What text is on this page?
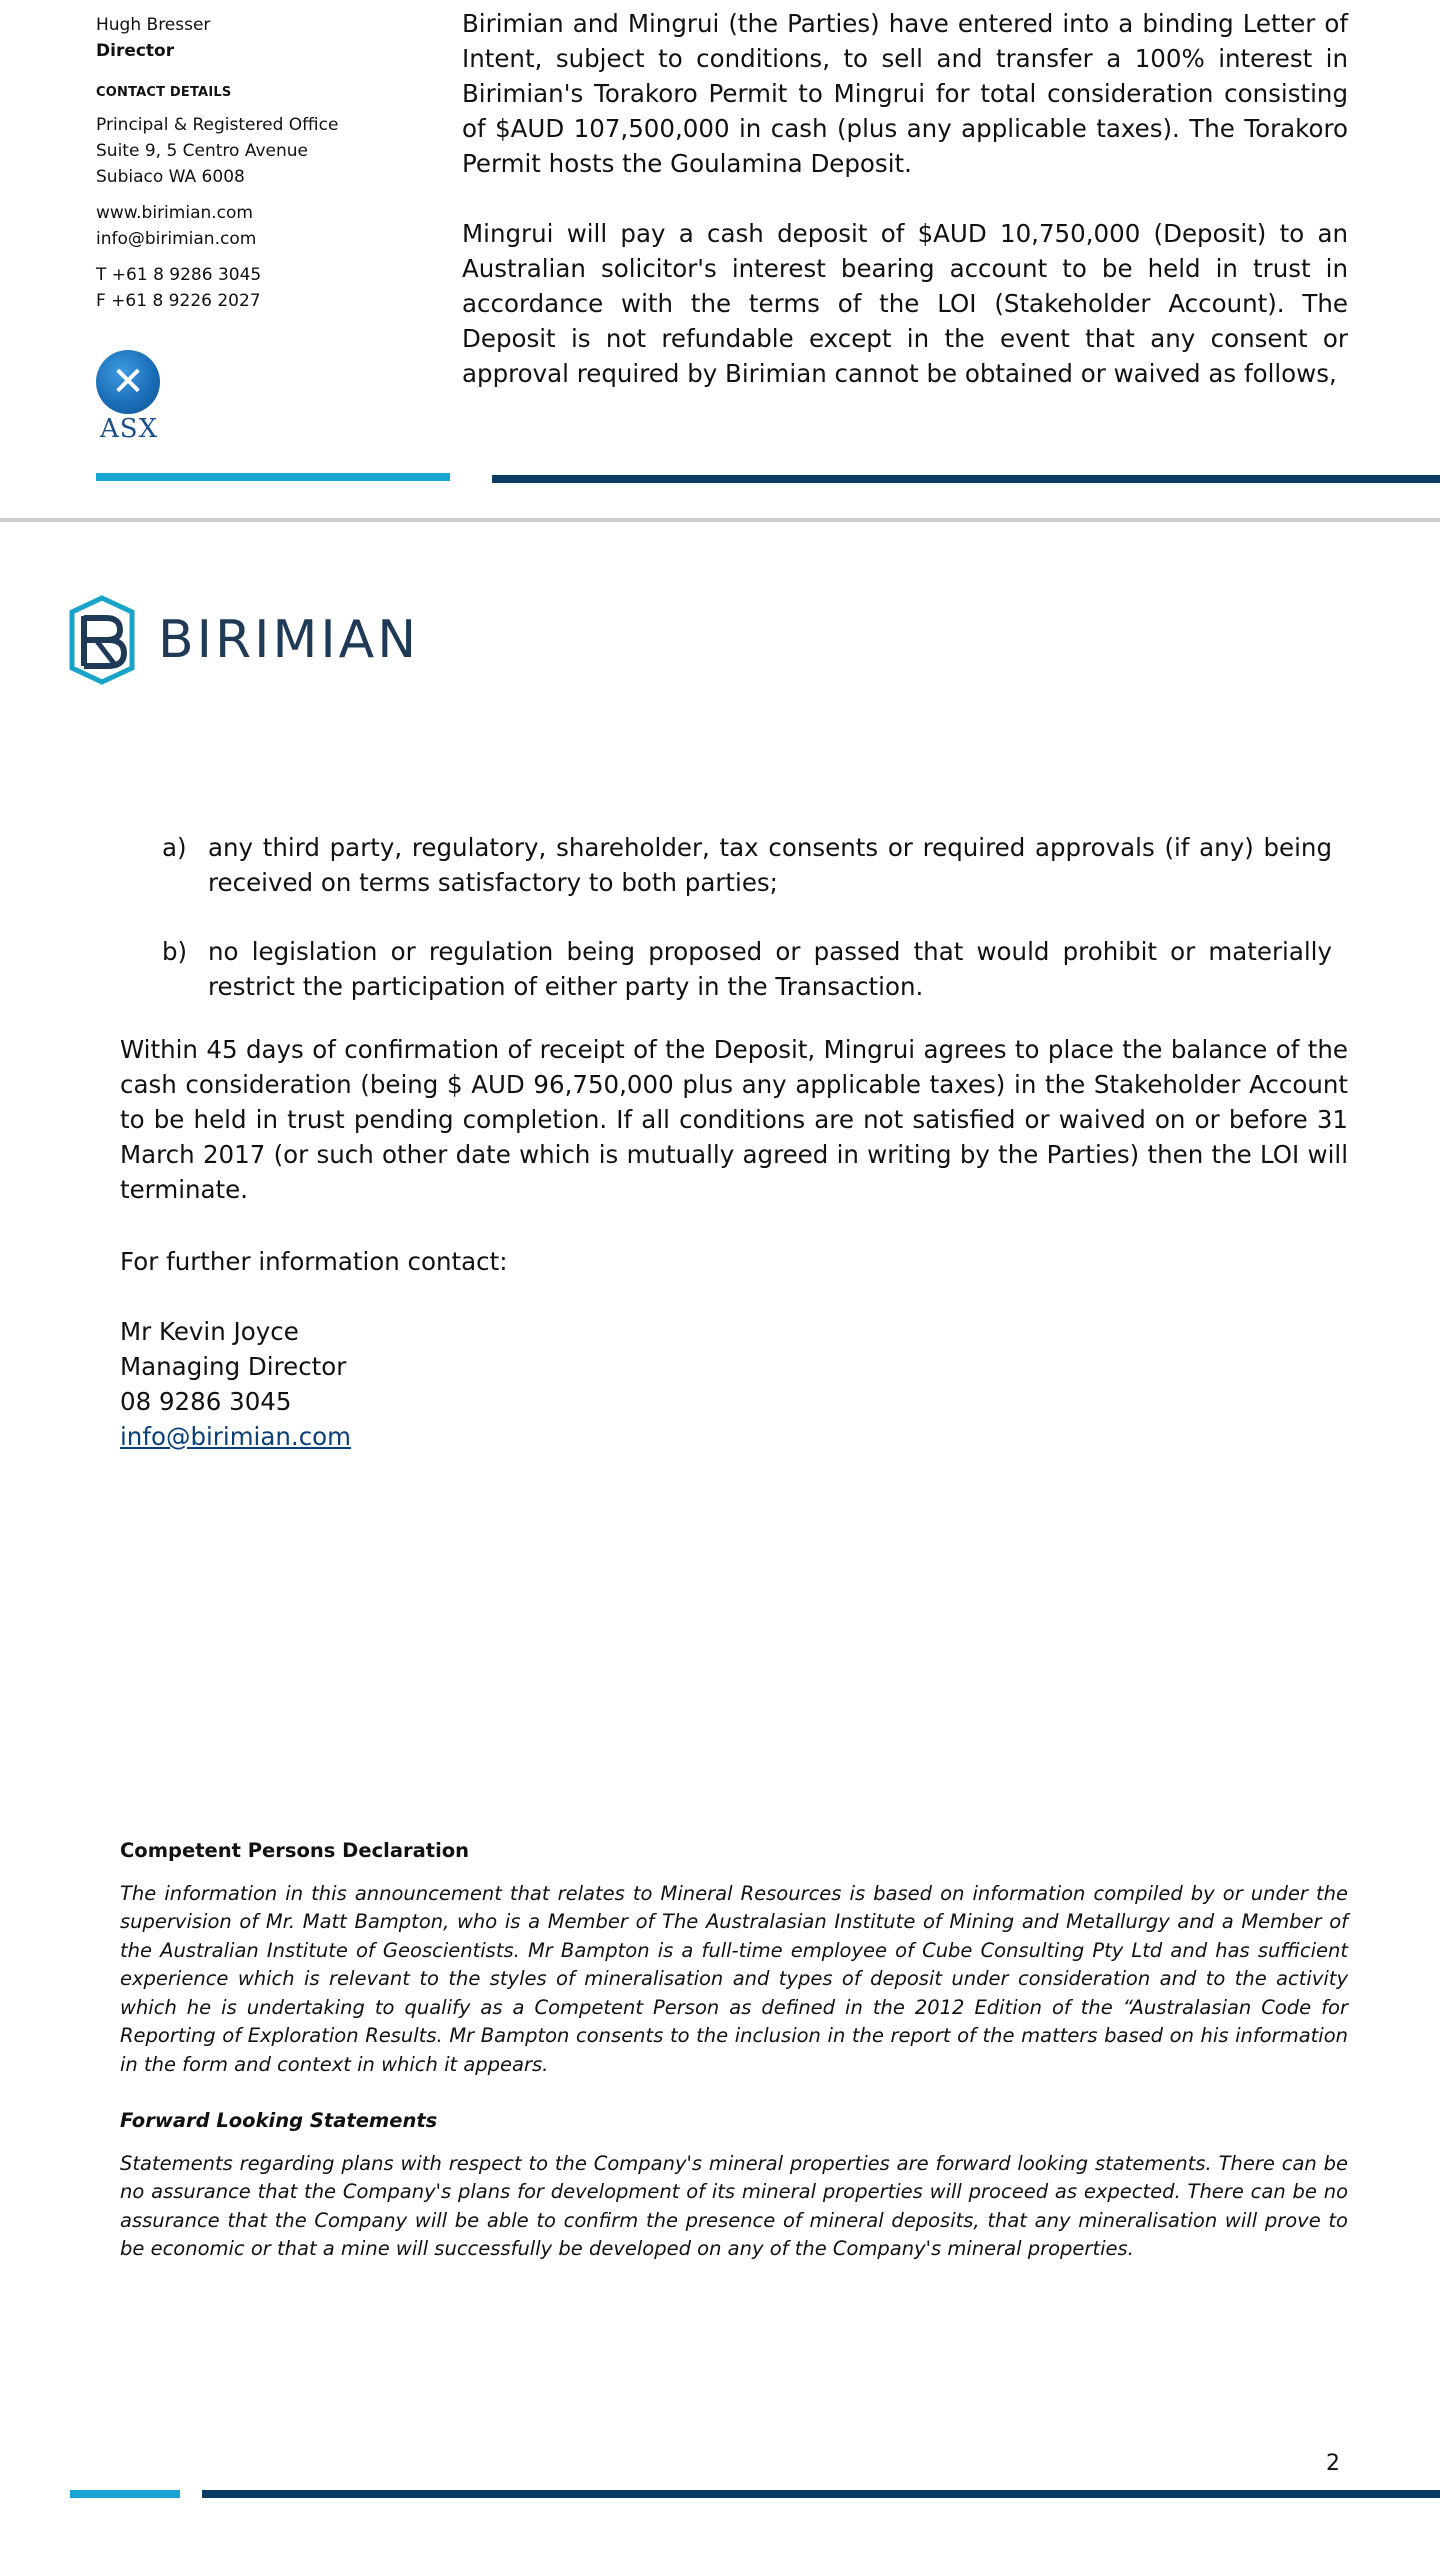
Hugh Bresser
Director
CONTACT DETAILS
Principal & Registered Office
Suite 9, 5 Centro Avenue
Subiaco WA 6008
www.birimian.com
info@birimian.com
T +61 8 9286 3045
F +61 8 9226 2027
✕
ASX

Birimian and Mingrui (the Parties) have entered into a binding Letter of Intent, subject to conditions, to sell and transfer a 100% interest in Birimian's Torakoro Permit to Mingrui for total consideration consisting of $AUD 107,500,000 in cash (plus any applicable taxes). The Torakoro Permit hosts the Goulamina Deposit.

Mingrui will pay a cash deposit of $AUD 10,750,000 (Deposit) to an Australian solicitor's interest bearing account to be held in trust in accordance with the terms of the LOI (Stakeholder Account). The Deposit is not refundable except in the event that any consent or approval required by Birimian cannot be obtained or waived as follows,

BIRIMIAN
a) any third party, regulatory, shareholder, tax consents or required approvals (if any) being received on terms satisfactory to both parties;
b) no legislation or regulation being proposed or passed that would prohibit or materially restrict the participation of either party in the Transaction.
Within 45 days of confirmation of receipt of the Deposit, Mingrui agrees to place the balance of the cash consideration (being $ AUD 96,750,000 plus any applicable taxes) in the Stakeholder Account to be held in trust pending completion. If all conditions are not satisfied or waived on or before 31 March 2017 (or such other date which is mutually agreed in writing by the Parties) then the LOI will terminate.
For further information contact:
Mr Kevin Joyce
Managing Director
08 9286 3045
info@birimian.com

Competent Persons Declaration

The information in this announcement that relates to Mineral Resources is based on information compiled by or under the supervision of Mr. Matt Bampton, who is a Member of The Australasian Institute of Mining and Metallurgy and a Member of the Australian Institute of Geoscientists. Mr Bampton is a full-time employee of Cube Consulting Pty Ltd and has sufficient experience which is relevant to the styles of mineralisation and types of deposit under consideration and to the activity which he is undertaking to qualify as a Competent Person as defined in the 2012 Edition of the “Australasian Code for Reporting of Exploration Results. Mr Bampton consents to the inclusion in the report of the matters based on his information in the form and context in which it appears.

Forward Looking Statements

Statements regarding plans with respect to the Company's mineral properties are forward looking statements. There can be no assurance that the Company's plans for development of its mineral properties will proceed as expected. There can be no assurance that the Company will be able to confirm the presence of mineral deposits, that any mineralisation will prove to be economic or that a mine will successfully be developed on any of the Company's mineral properties.

2
